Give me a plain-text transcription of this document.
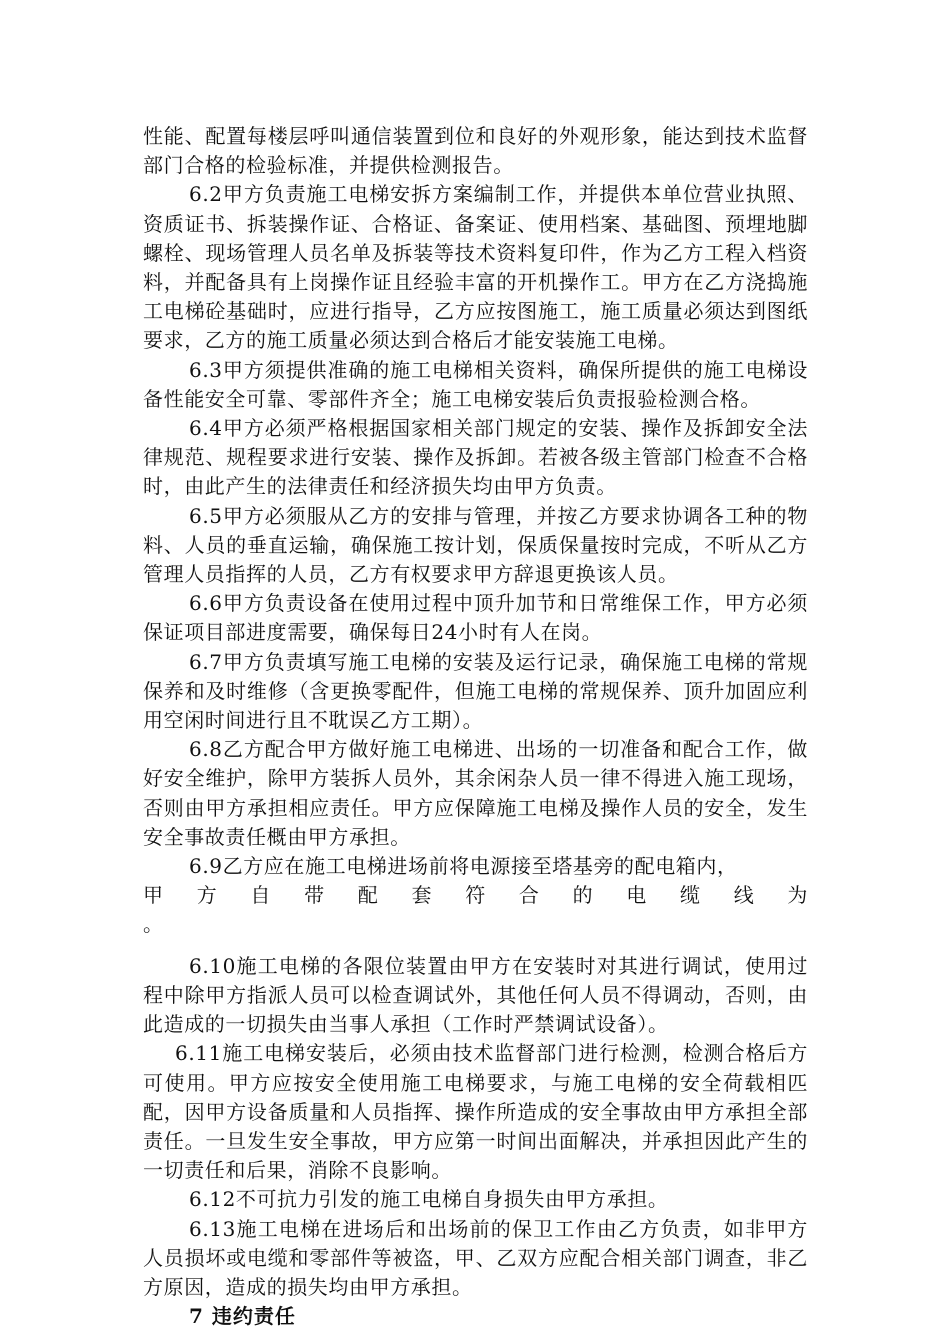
性能、配置每楼层呼叫通信装置到位和良好的外观形象，能达到技术监督部门合格的检验标准，并提供检测报告。

6.2甲方负责施工电梯安拆方案编制工作，并提供本单位营业执照、资质证书、拆装操作证、合格证、备案证、使用档案、基础图、预埋地脚螺栓、现场管理人员名单及拆装等技术资料复印件，作为乙方工程入档资料，并配备具有上岗操作证且经验丰富的开机操作工。甲方在乙方浇捣施工电梯砼基础时，应进行指导，乙方应按图施工，施工质量必须达到图纸要求，乙方的施工质量必须达到合格后才能安装施工电梯。

6.3甲方须提供准确的施工电梯相关资料，确保所提供的施工电梯设备性能安全可靠、零部件齐全；施工电梯安装后负责报验检测合格。

6.4甲方必须严格根据国家相关部门规定的安装、操作及拆卸安全法律规范、规程要求进行安装、操作及拆卸。若被各级主管部门检查不合格时，由此产生的法律责任和经济损失均由甲方负责。

6.5甲方必须服从乙方的安排与管理，并按乙方要求协调各工种的物料、人员的垂直运输，确保施工按计划，保质保量按时完成，不听从乙方管理人员指挥的人员，乙方有权要求甲方辞退更换该人员。

6.6甲方负责设备在使用过程中顶升加节和日常维保工作，甲方必须保证项目部进度需要，确保每日24小时有人在岗。

6.7甲方负责填写施工电梯的安装及运行记录，确保施工电梯的常规保养和及时维修（含更换零配件，但施工电梯的常规保养、顶升加固应利用空闲时间进行且不耽误乙方工期）。

6.8乙方配合甲方做好施工电梯进、出场的一切准备和配合工作，做好安全维护，除甲方装拆人员外，其余闲杂人员一律不得进入施工现场，否则由甲方承担相应责任。甲方应保障施工电梯及操作人员的安全，发生安全事故责任概由甲方承担。

6.9乙方应在施工电梯进场前将电源接至塔基旁的配电箱内，

甲方自带配套符合的电缆线为

。

6.10施工电梯的各限位装置由甲方在安装时对其进行调试，使用过程中除甲方指派人员可以检查调试外，其他任何人员不得调动，否则，由此造成的一切损失由当事人承担（工作时严禁调试设备）。

6.11施工电梯安装后，必须由技术监督部门进行检测，检测合格后方可使用。甲方应按安全使用施工电梯要求，与施工电梯的安全荷载相匹配，因甲方设备质量和人员指挥、操作所造成的安全事故由甲方承担全部责任。一旦发生安全事故，甲方应第一时间出面解决，并承担因此产生的一切责任和后果，消除不良影响。

6.12不可抗力引发的施工电梯自身损失由甲方承担。

6.13施工电梯在进场后和出场前的保卫工作由乙方负责，如非甲方人员损坏或电缆和零部件等被盗，甲、乙双方应配合相关部门调查，非乙方原因，造成的损失均由甲方承担。

7 违约责任
